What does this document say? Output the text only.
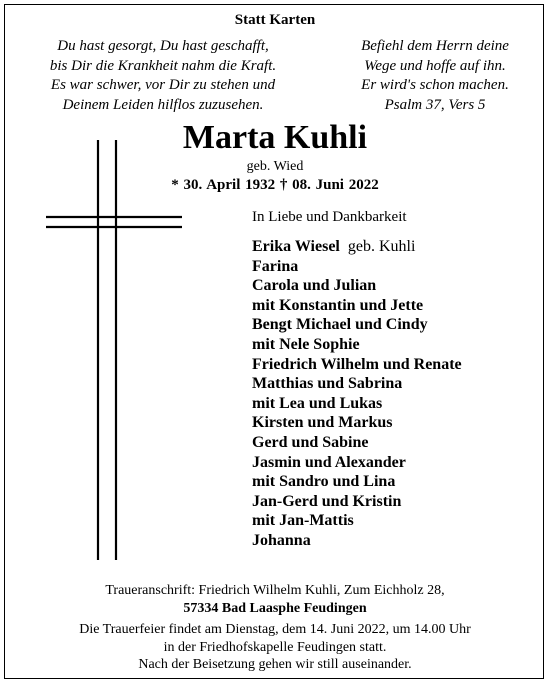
Statt Karten
Du hast gesorgt, Du hast geschafft,
bis Dir die Krankheit nahm die Kraft.
Es war schwer, vor Dir zu stehen und
Deinem Leiden hilflos zuzusehen.
Befiehl dem Herrn deine
Wege und hoffe auf ihn.
Er wird's schon machen.
Psalm 37, Vers 5
Marta Kuhli
geb. Wied
* 30. April 1932 † 08. Juni 2022
In Liebe und Dankbarkeit
Erika Wiesel geb. Kuhli
Farina
Carola und Julian
mit Konstantin und Jette
Bengt Michael und Cindy
mit Nele Sophie
Friedrich Wilhelm und Renate
Matthias und Sabrina
mit Lea und Lukas
Kirsten und Markus
Gerd und Sabine
Jasmin und Alexander
mit Sandro und Lina
Jan-Gerd und Kristin
mit Jan-Mattis
Johanna
Traueranschrift: Friedrich Wilhelm Kuhli, Zum Eichholz 28,
57334 Bad Laasphe Feudingen
Die Trauerfeier findet am Dienstag, dem 14. Juni 2022, um 14.00 Uhr
in der Friedhofskapelle Feudingen statt.
Nach der Beisetzung gehen wir still auseinander.
